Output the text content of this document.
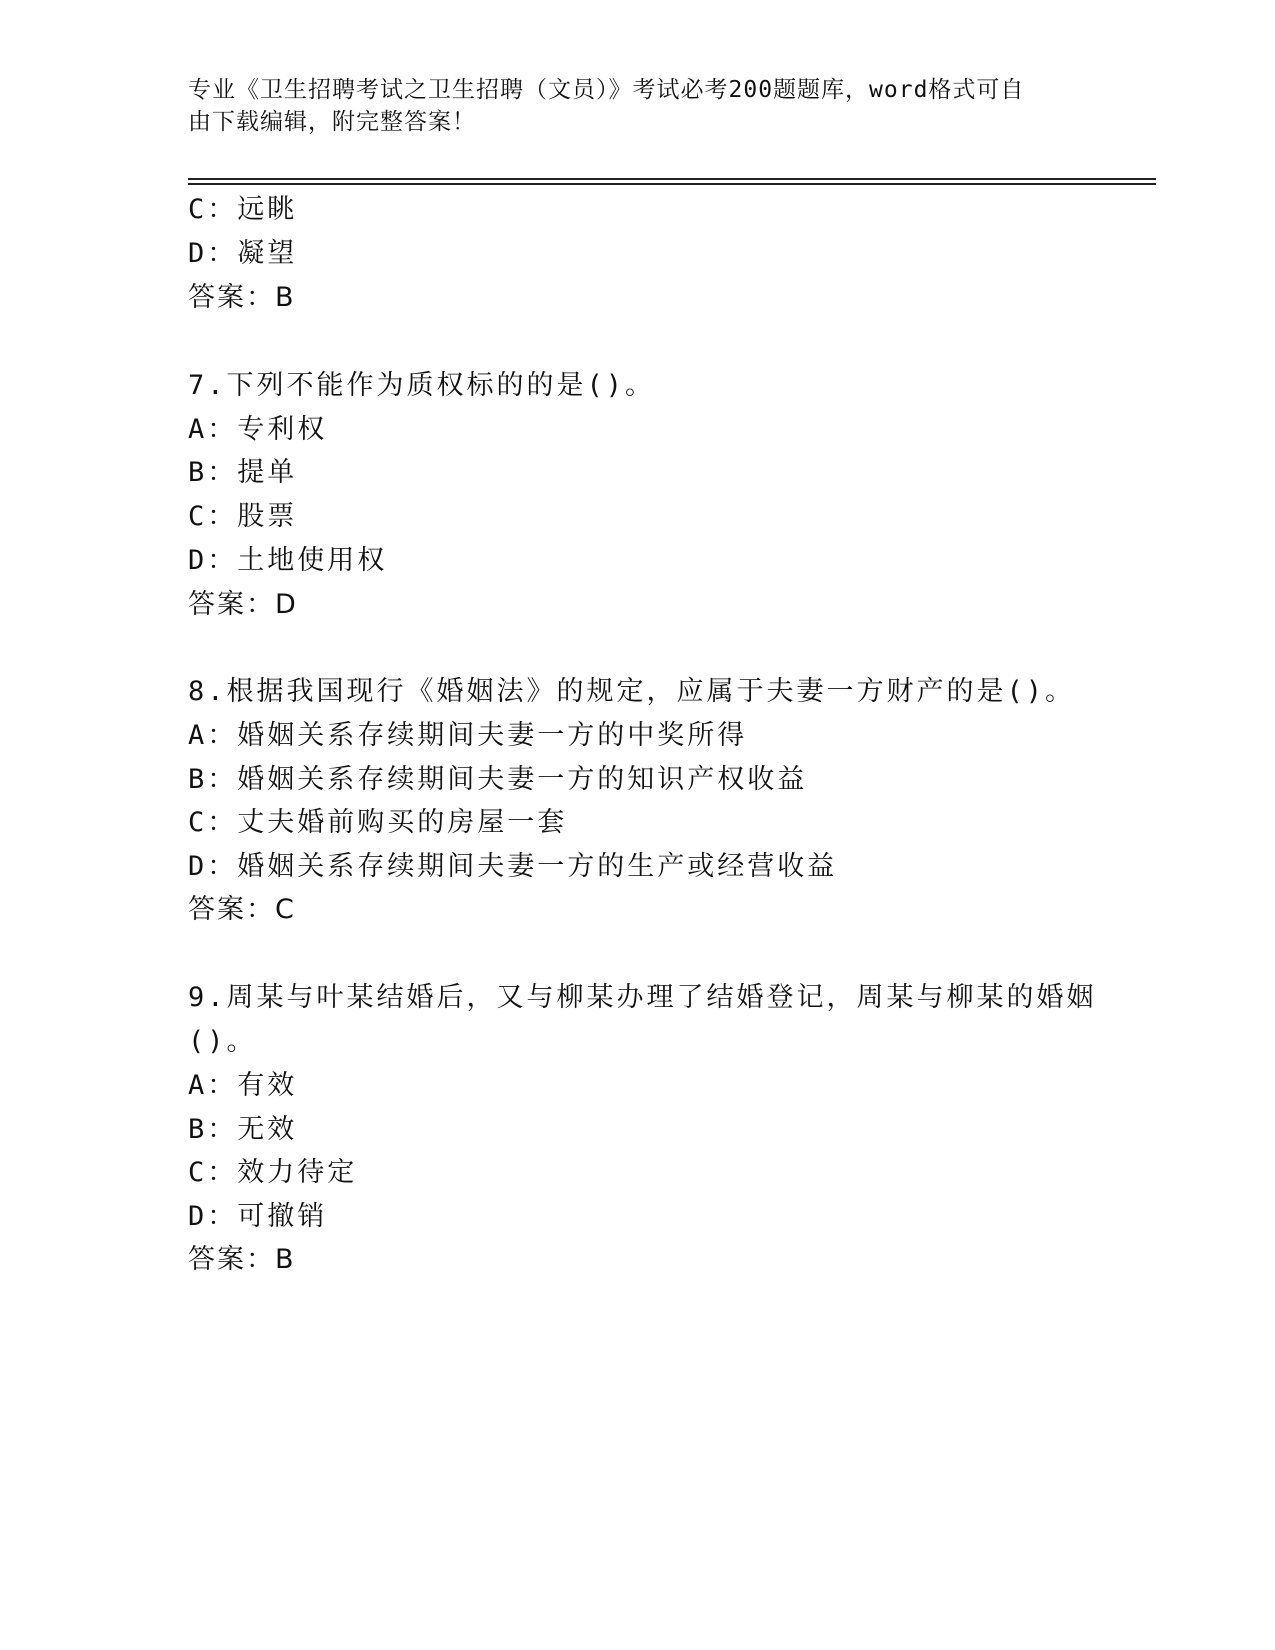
专业《卫生招聘考试之卫生招聘（文员）》考试必考200题题库，word格式可自
由下载编辑，附完整答案！
C：远眺
D：凝望
答案：B
7.下列不能作为质权标的的是()。
A：专利权
B：提单
C：股票
D：土地使用权
答案：D
8.根据我国现行《婚姻法》的规定，应属于夫妻一方财产的是()。
A：婚姻关系存续期间夫妻一方的中奖所得
B：婚姻关系存续期间夫妻一方的知识产权收益
C：丈夫婚前购买的房屋一套
D：婚姻关系存续期间夫妻一方的生产或经营收益
答案：C
9.周某与叶某结婚后，又与柳某办理了结婚登记，周某与柳某的婚姻
()。
A：有效
B：无效
C：效力待定
D：可撤销
答案：B
